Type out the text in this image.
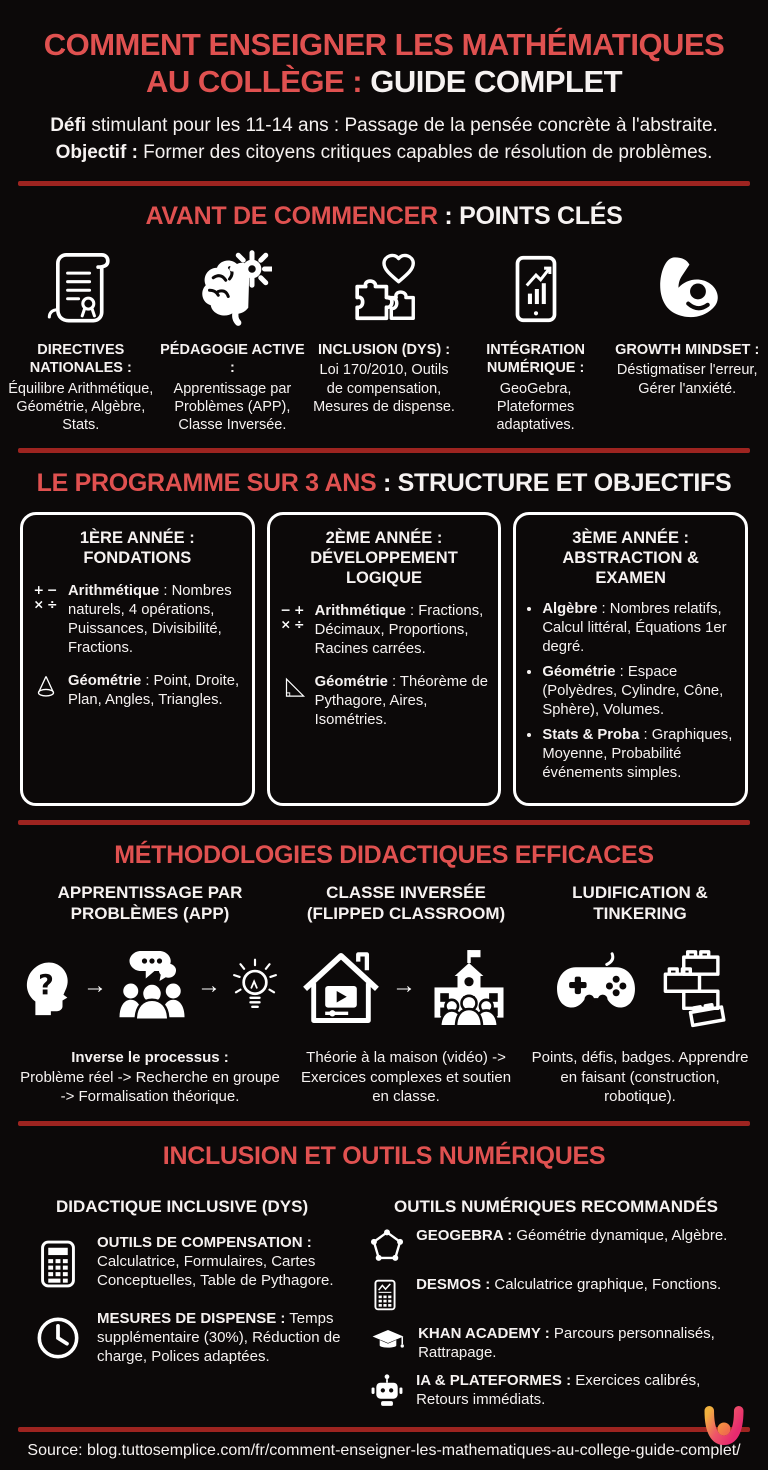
COMMENT ENSEIGNER LES MATHÉMATIQUES
AU COLLÈGE : GUIDE COMPLET

Défi stimulant pour les 11-14 ans : Passage de la pensée concrète à l'abstraite.
Objectif : Former des citoyens critiques capables de résolution de problèmes.

AVANT DE COMMENCER : POINTS CLÉS
DIRECTIVES NATIONALES :
Équilibre Arithmétique, Géométrie, Algèbre, Stats.
PÉDAGOGIE ACTIVE :
Apprentissage par Problèmes (APP), Classe Inversée.
INCLUSION (DYS) :
Loi 170/2010, Outils de compensation, Mesures de dispense.
INTÉGRATION NUMÉRIQUE :
GeoGebra, Plateformes adaptatives.
GROWTH MINDSET :
Déstigmatiser l'erreur, Gérer l'anxiété.
LE PROGRAMME SUR 3 ANS : STRUCTURE ET OBJECTIFS
1ÈRE ANNÉE :
FONDATIONS
+ −
× ÷

Arithmétique : Nombres naturels, 4 opérations, Puissances, Divisibilité, Fractions.

Géométrie : Point, Droite, Plan, Angles, Triangles.

2ÈME ANNÉE :
DÉVELOPPEMENT LOGIQUE
− +
× ÷

Arithmétique : Fractions, Décimaux, Proportions, Racines carrées.

Géométrie : Théorème de Pythagore, Aires, Isométries.

3ÈME ANNÉE :
ABSTRACTION & EXAMEN
• Algèbre : Nombres relatifs, Calcul littéral, Équations 1er degré.
• Géométrie : Espace (Polyèdres, Cylindre, Cône, Sphère), Volumes.
• Stats & Proba : Graphiques, Moyenne, Probabilité événements simples.
MÉTHODOLOGIES DIDACTIQUES EFFICACES
APPRENTISSAGE PAR
PROBLÈMES (APP)
? →	→

Inverse le processus :
Problème réel -> Recherche en groupe -> Formalisation théorique.

CLASSE INVERSÉE
(FLIPPED CLASSROOM)
→

Théorie à la maison (vidéo) -> Exercices complexes et soutien en classe.

LUDIFICATION &
TINKERING

Points, défis, badges. Apprendre en faisant (construction, robotique).

INCLUSION ET OUTILS NUMÉRIQUES
DIDACTIQUE INCLUSIVE (DYS)

OUTILS DE COMPENSATION : Calculatrice, Formulaires, Cartes Conceptuelles, Table de Pythagore.

MESURES DE DISPENSE : Temps supplémentaire (30%), Réduction de charge, Polices adaptées.

OUTILS NUMÉRIQUES RECOMMANDÉS

GEOGEBRA : Géométrie dynamique, Algèbre.

DESMOS : Calculatrice graphique, Fonctions.

KHAN ACADEMY : Parcours personnalisés, Rattrapage.

IA & PLATEFORMES : Exercices calibrés, Retours immédiats.

Source: blog.tuttosemplice.com/fr/comment-enseigner-les-mathematiques-au-college-guide-complet/
